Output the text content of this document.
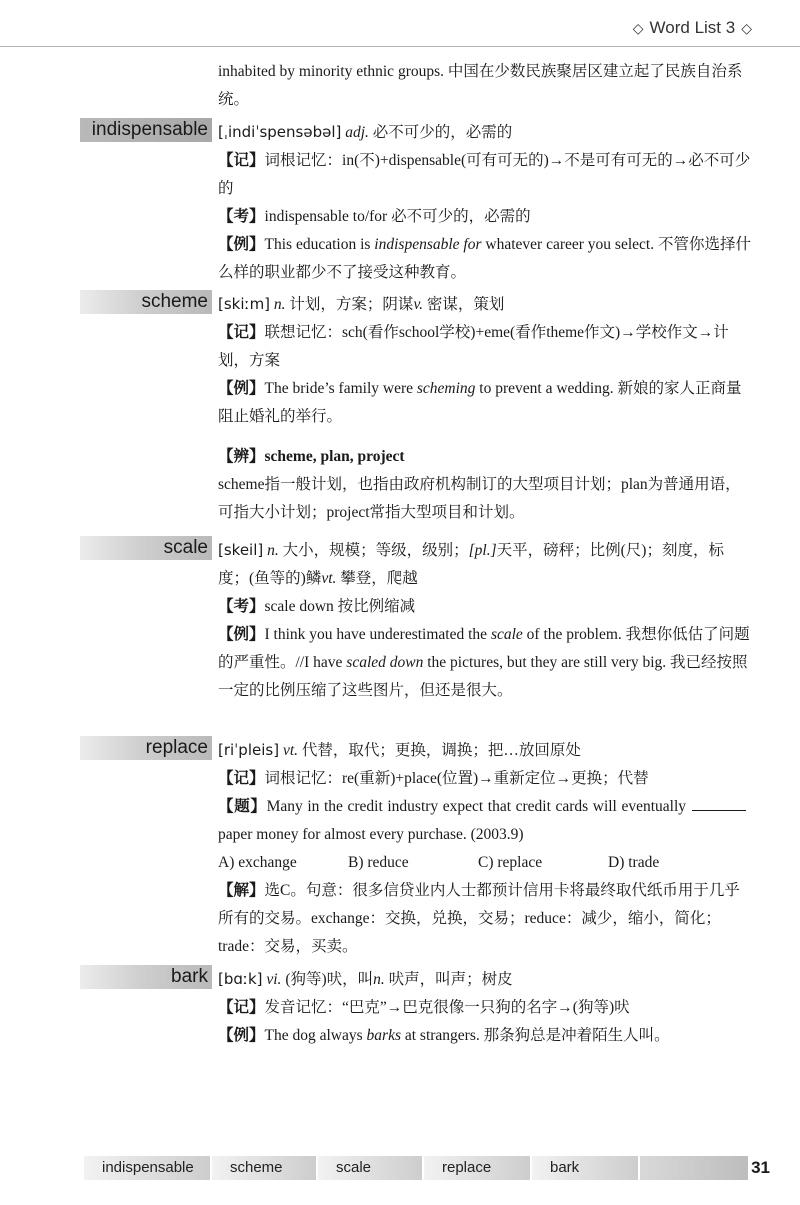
◇ Word List 3 ◇
inhabited by minority ethnic groups. 中国在少数民族聚居区建立起了民族自治系统。
indispensable [ˌindiˈspensəbəl] adj. 必不可少的，必需的
【记】词根记忆：in(不)+dispensable(可有可无的)→不是可有可无的→必不可少的
【考】indispensable to/for 必不可少的，必需的
【例】This education is indispensable for whatever career you select. 不管你选择什么样的职业都少不了接受这种教育。
scheme [skiːm] n. 计划，方案；阴谋v. 密谋，策划
【记】联想记忆：sch(看作school学校)+eme(看作theme作文)→学校作文→计划，方案
【例】The bride’s family were scheming to prevent a wedding. 新娘的家人正商量阻止婚礼的举行。
【辨】scheme, plan, project
scheme指一般计划，也指由政府机构制订的大型项目计划；plan为普通用语，可指大小计划；project常指大型项目和计划。
scale [skeil] n. 大小，规模；等级，级别；[pl.]天平，磅秤；比例(尺)；刻度，标度；(鱼等的)鳞vt. 攀登，爬越
【考】scale down 按比例缩减
【例】I think you have underestimated the scale of the problem. 我想你低估了问题的严重性。//I have scaled down the pictures, but they are still very big. 我已经按照一定的比例压缩了这些图片，但还是很大。
replace [riˈpleis] vt. 代替，取代；更换，调换；把…放回原处
【记】词根记忆：re(重新)+place(位置)→重新定位→更换；代替
【题】Many in the credit industry expect that credit cards will eventuallypaper money for almost every purchase. (2003.9)
A) exchange	B) reduce	C) replace	D) trade
【解】选C。句意：很多信贷业内人士都预计信用卡将最终取代纸币用于几乎所有的交易。exchange：交换，兑换，交易；reduce：减少，缩小，简化；trade：交易，买卖。
bark [bɑːk] vi. (狗等)吠，叫n. 吠声，叫声；树皮
【记】发音记忆：“巴克”→巴克很像一只狗的名字→(狗等)吠
【例】The dog always barks at strangers. 那条狗总是冲着陌生人叫。
indispensable	scheme	scale	replace	bark	31
